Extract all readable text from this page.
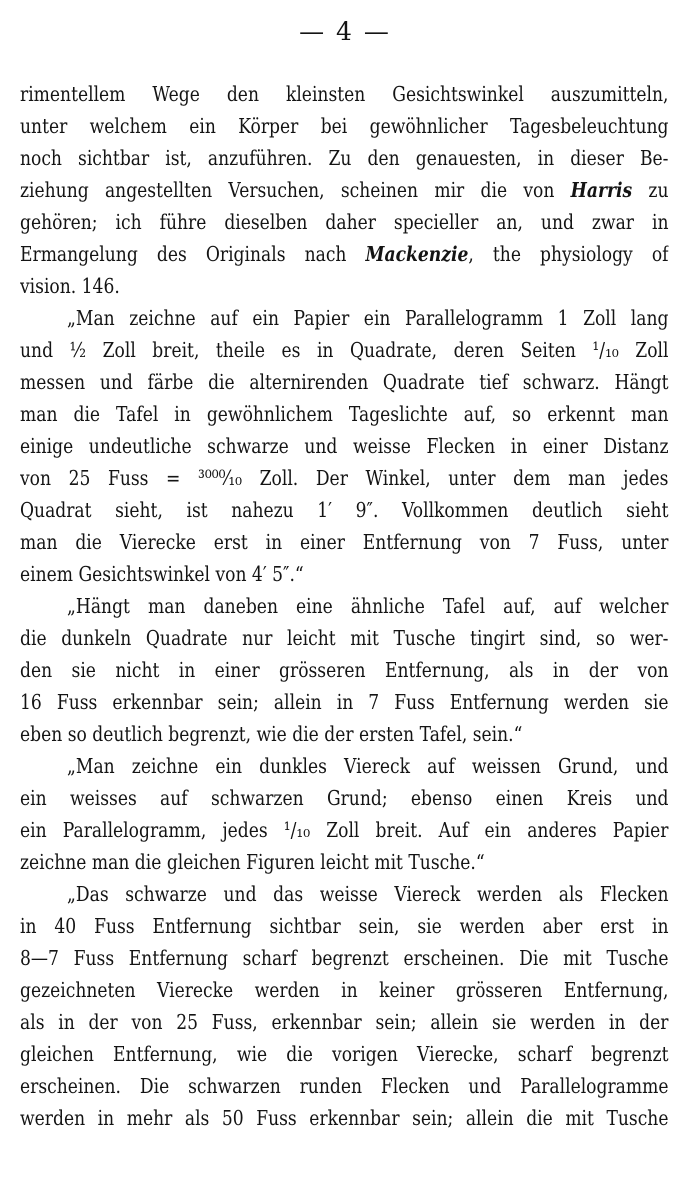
— 4 —

rimentellem Wege den kleinsten Gesichtswinkel auszumitteln,
unter welchem ein Körper bei gewöhnlicher Tagesbeleuchtung
noch sichtbar ist, anzuführen. Zu den genauesten, in dieser Be-
ziehung angestellten Versuchen, scheinen mir die von Harris zu
gehören; ich führe dieselben daher specieller an, und zwar in
Ermangelung des Originals nach Mackenzie, the physiology of
vision. 146.

„Man zeichne auf ein Papier ein Parallelogramm 1 Zoll lang
und ½ Zoll breit, theile es in Quadrate, deren Seiten ¹/₁₀ Zoll
messen und färbe die alternirenden Quadrate tief schwarz. Hängt
man die Tafel in gewöhnlichem Tageslichte auf, so erkennt man
einige undeutliche schwarze und weisse Flecken in einer Distanz
von 25 Fuss = ³⁰⁰⁰⁄₁₀ Zoll. Der Winkel, unter dem man jedes
Quadrat sieht, ist nahezu 1′ 9″. Vollkommen deutlich sieht
man die Vierecke erst in einer Entfernung von 7 Fuss, unter
einem Gesichtswinkel von 4′ 5″.“

„Hängt man daneben eine ähnliche Tafel auf, auf welcher
die dunkeln Quadrate nur leicht mit Tusche tingirt sind, so wer-
den sie nicht in einer grösseren Entfernung, als in der von
16 Fuss erkennbar sein; allein in 7 Fuss Entfernung werden sie
eben so deutlich begrenzt, wie die der ersten Tafel, sein.“

„Man zeichne ein dunkles Viereck auf weissen Grund, und
ein weisses auf schwarzen Grund; ebenso einen Kreis und
ein Parallelogramm, jedes ¹/₁₀ Zoll breit. Auf ein anderes Papier
zeichne man die gleichen Figuren leicht mit Tusche.“

„Das schwarze und das weisse Viereck werden als Flecken
in 40 Fuss Entfernung sichtbar sein, sie werden aber erst in
8—7 Fuss Entfernung scharf begrenzt erscheinen. Die mit Tusche
gezeichneten Vierecke werden in keiner grösseren Entfernung,
als in der von 25 Fuss, erkennbar sein; allein sie werden in der
gleichen Entfernung, wie die vorigen Vierecke, scharf begrenzt
erscheinen. Die schwarzen runden Flecken und Parallelogramme
werden in mehr als 50 Fuss erkennbar sein; allein die mit Tusche
